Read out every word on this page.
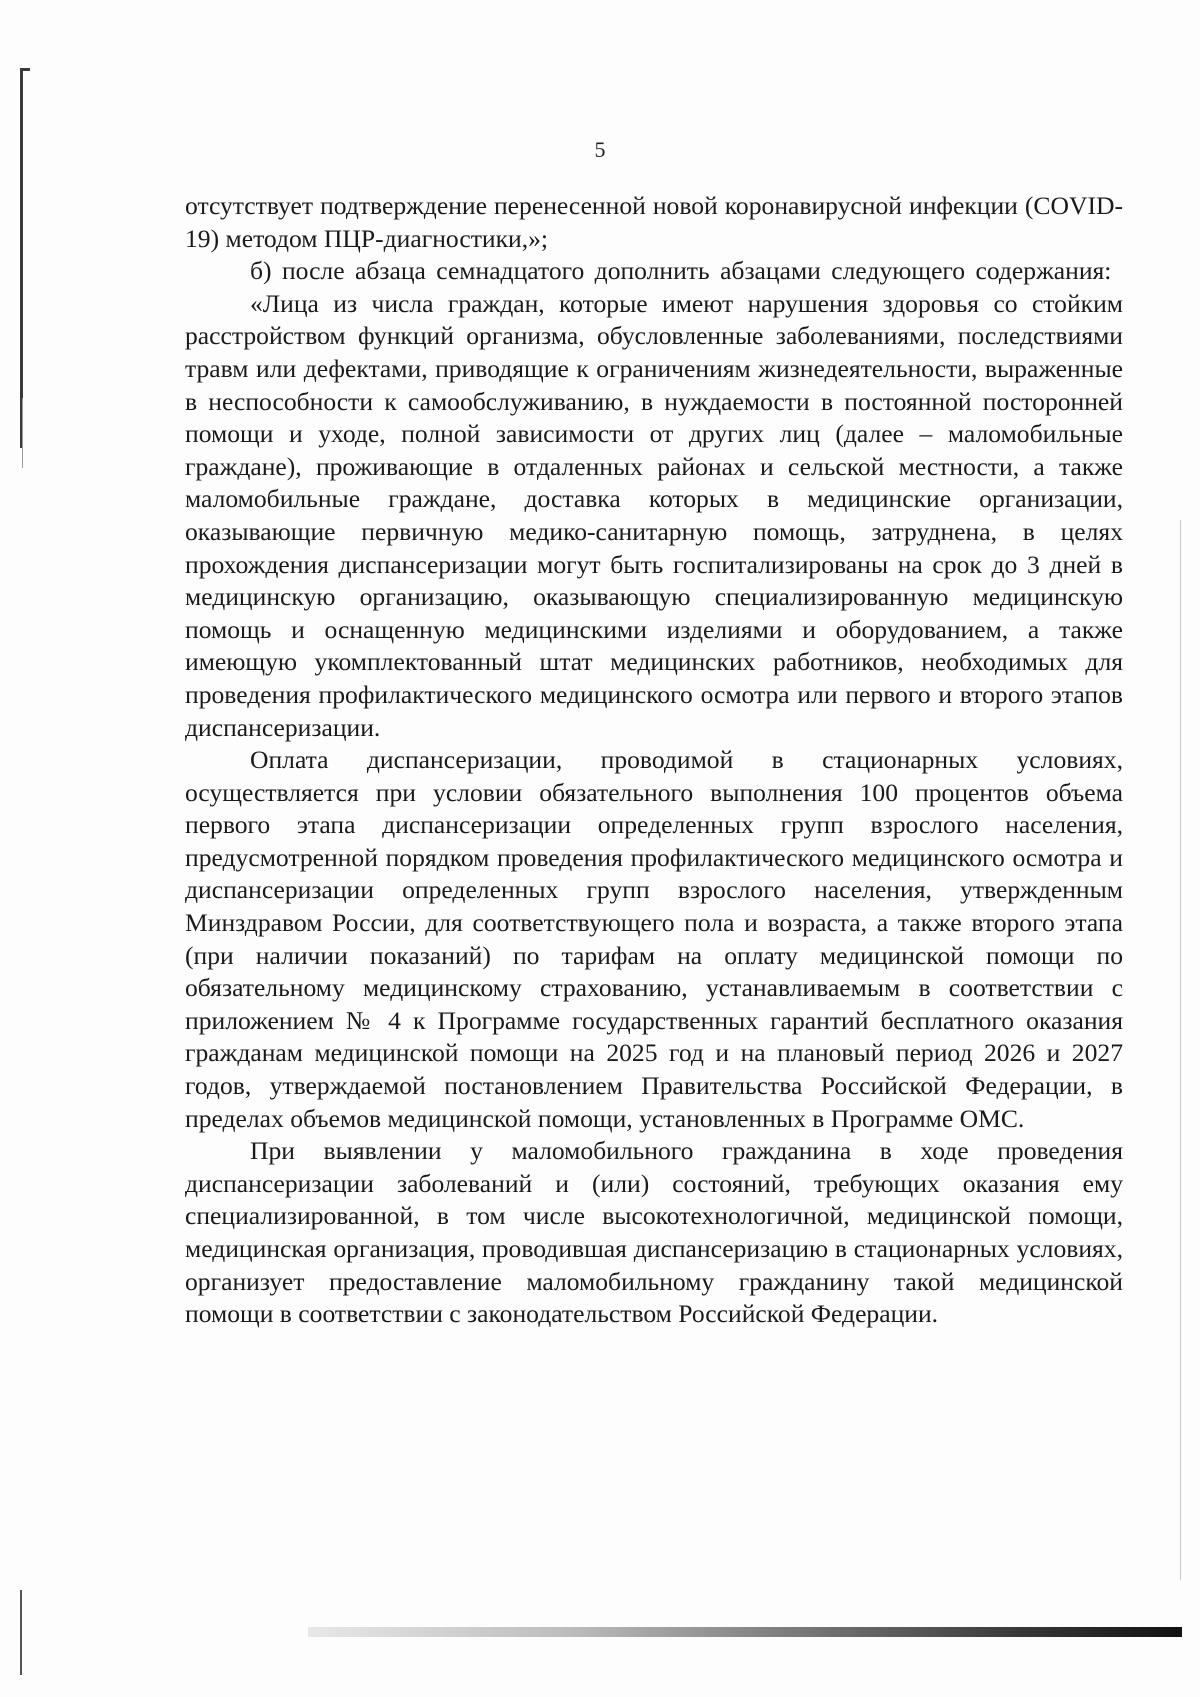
5

отсутствует подтверждение перенесенной новой коронавирусной инфекции (COVID-19) методом ПЦР-диагностики,»;

б) после абзаца семнадцатого дополнить абзацами следующего содержания:

«Лица из числа граждан, которые имеют нарушения здоровья со стойким расстройством функций организма, обусловленные заболеваниями, последствиями травм или дефектами, приводящие к ограничениям жизнедеятельности, выраженные в неспособности к самообслуживанию, в нуждаемости в постоянной посторонней помощи и уходе, полной зависимости от других лиц (далее – маломобильные граждане), проживающие в отдаленных районах и сельской местности, а также маломобильные граждане, доставка которых в медицинские организации, оказывающие первичную медико-санитарную помощь, затруднена, в целях прохождения диспансеризации могут быть госпитализированы на срок до 3 дней в медицинскую организацию, оказывающую специализированную медицинскую помощь и оснащенную медицинскими изделиями и оборудованием, а также имеющую укомплектованный штат медицинских работников, необходимых для проведения профилактического медицинского осмотра или первого и второго этапов диспансеризации.

Оплата диспансеризации, проводимой в стационарных условиях, осуществляется при условии обязательного выполнения 100 процентов объема первого этапа диспансеризации определенных групп взрослого населения, предусмотренной порядком проведения профилактического медицинского осмотра и диспансеризации определенных групп взрослого населения, утвержденным Минздравом России, для соответствующего пола и возраста, а также второго этапа (при наличии показаний) по тарифам на оплату медицинской помощи по обязательному медицинскому страхованию, устанавливаемым в соответствии с приложением № 4 к Программе государственных гарантий бесплатного оказания гражданам медицинской помощи на 2025 год и на плановый период 2026 и 2027 годов, утверждаемой постановлением Правительства Российской Федерации, в пределах объемов медицинской помощи, установленных в Программе ОМС.

При выявлении у маломобильного гражданина в ходе проведения диспансеризации заболеваний и (или) состояний, требующих оказания ему специализированной, в том числе высокотехнологичной, медицинской помощи, медицинская организация, проводившая диспансеризацию в стационарных условиях, организует предоставление маломобильному гражданину такой медицинской помощи в соответствии с законодательством Российской Федерации.
